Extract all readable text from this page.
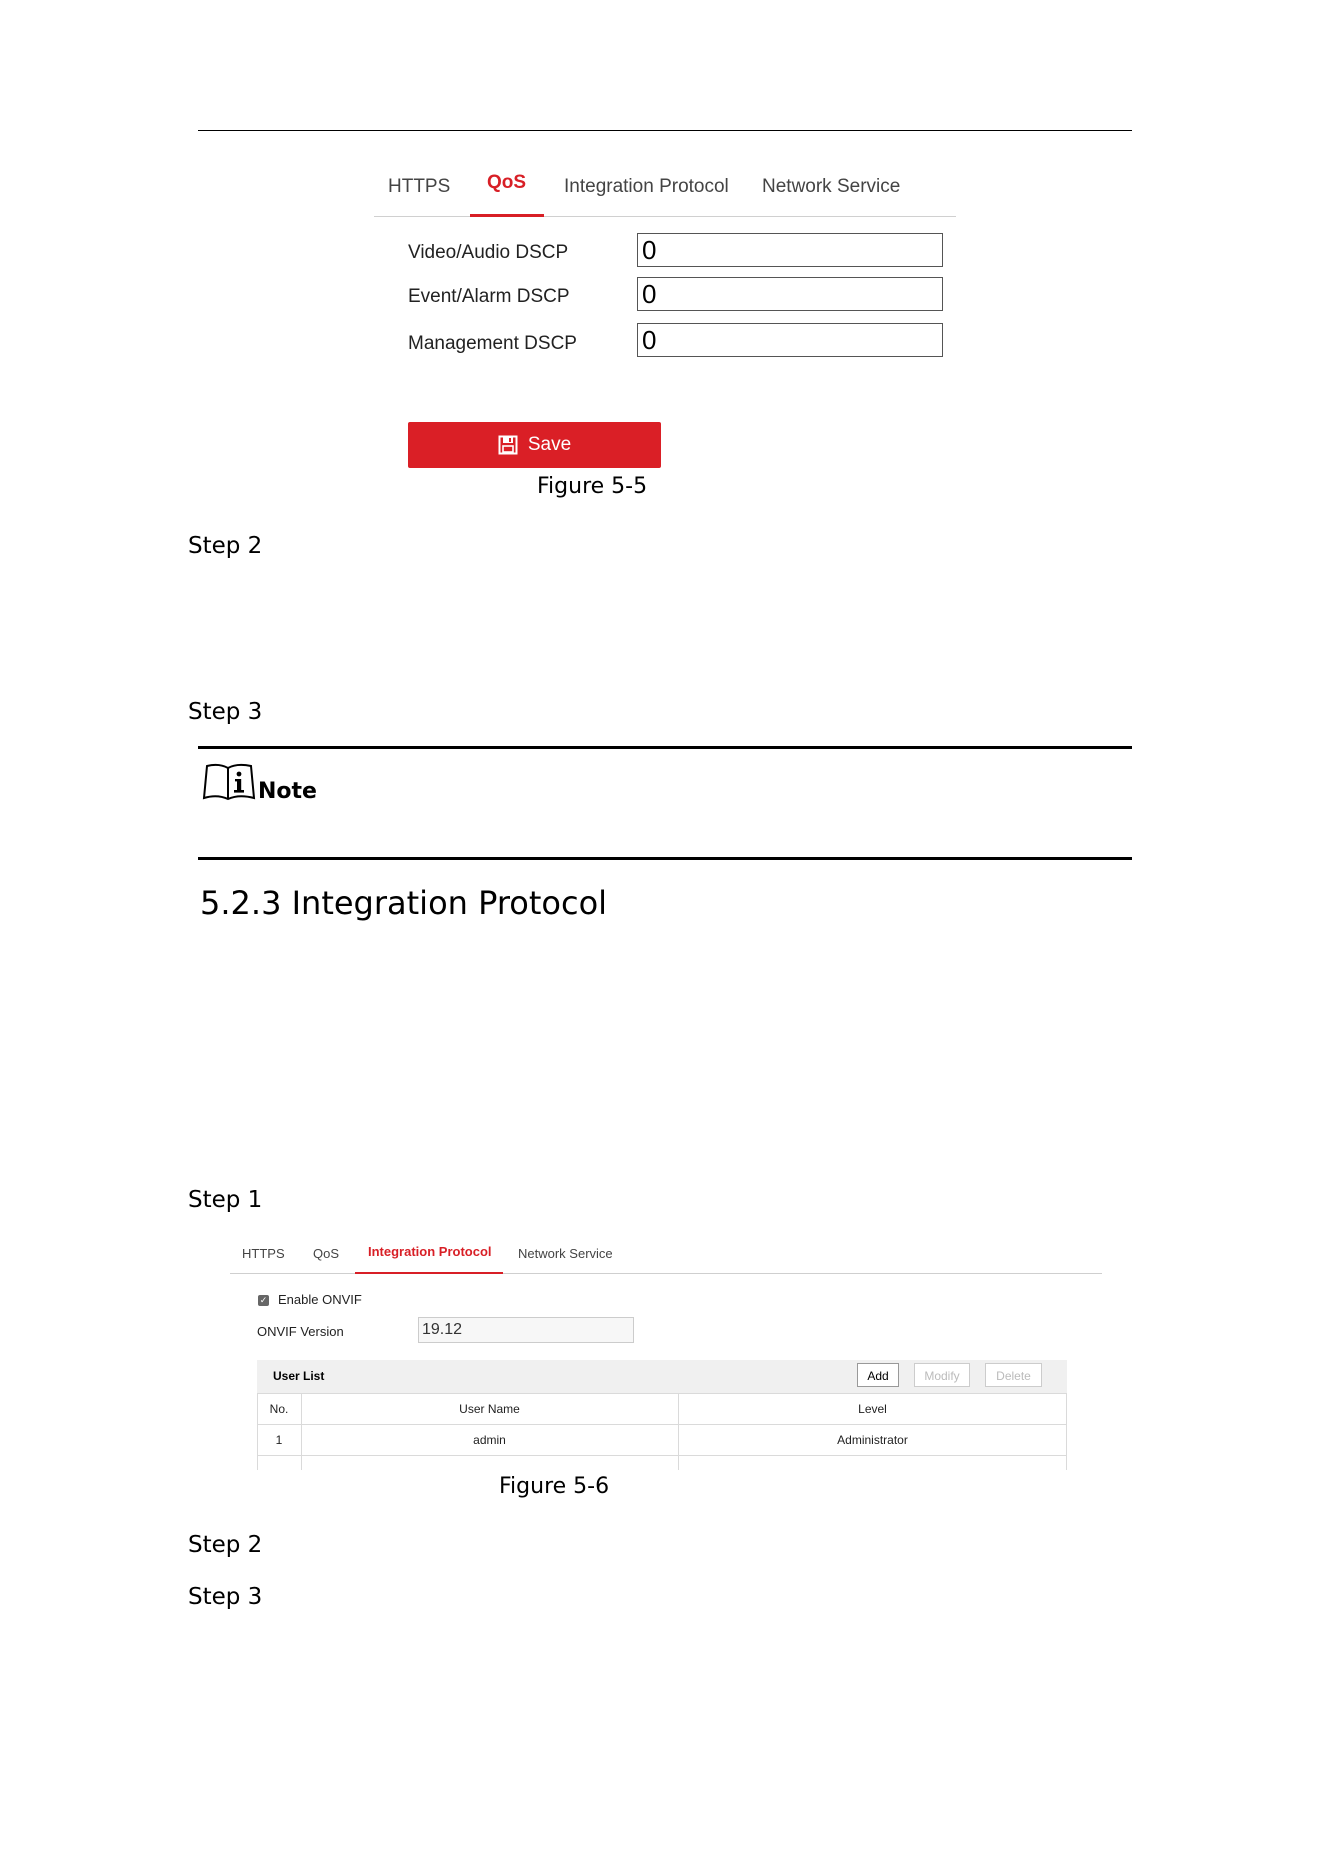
HTTPS QoS Integration Protocol Network Service
Video/Audio DSCP	0
Event/Alarm DSCP	0
Management DSCP	0
Save
Figure 5-5
Step 2
Step 3
Note
5.2.3 Integration Protocol
Step 1
HTTPS QoS Integration Protocol Network Service
✓ Enable ONVIF
ONVIF Version	19.12
User List	Add	Modify	Delete
No.	User Name	Level
1	admin	Administrator
Figure 5-6
Step 2
Step 3
